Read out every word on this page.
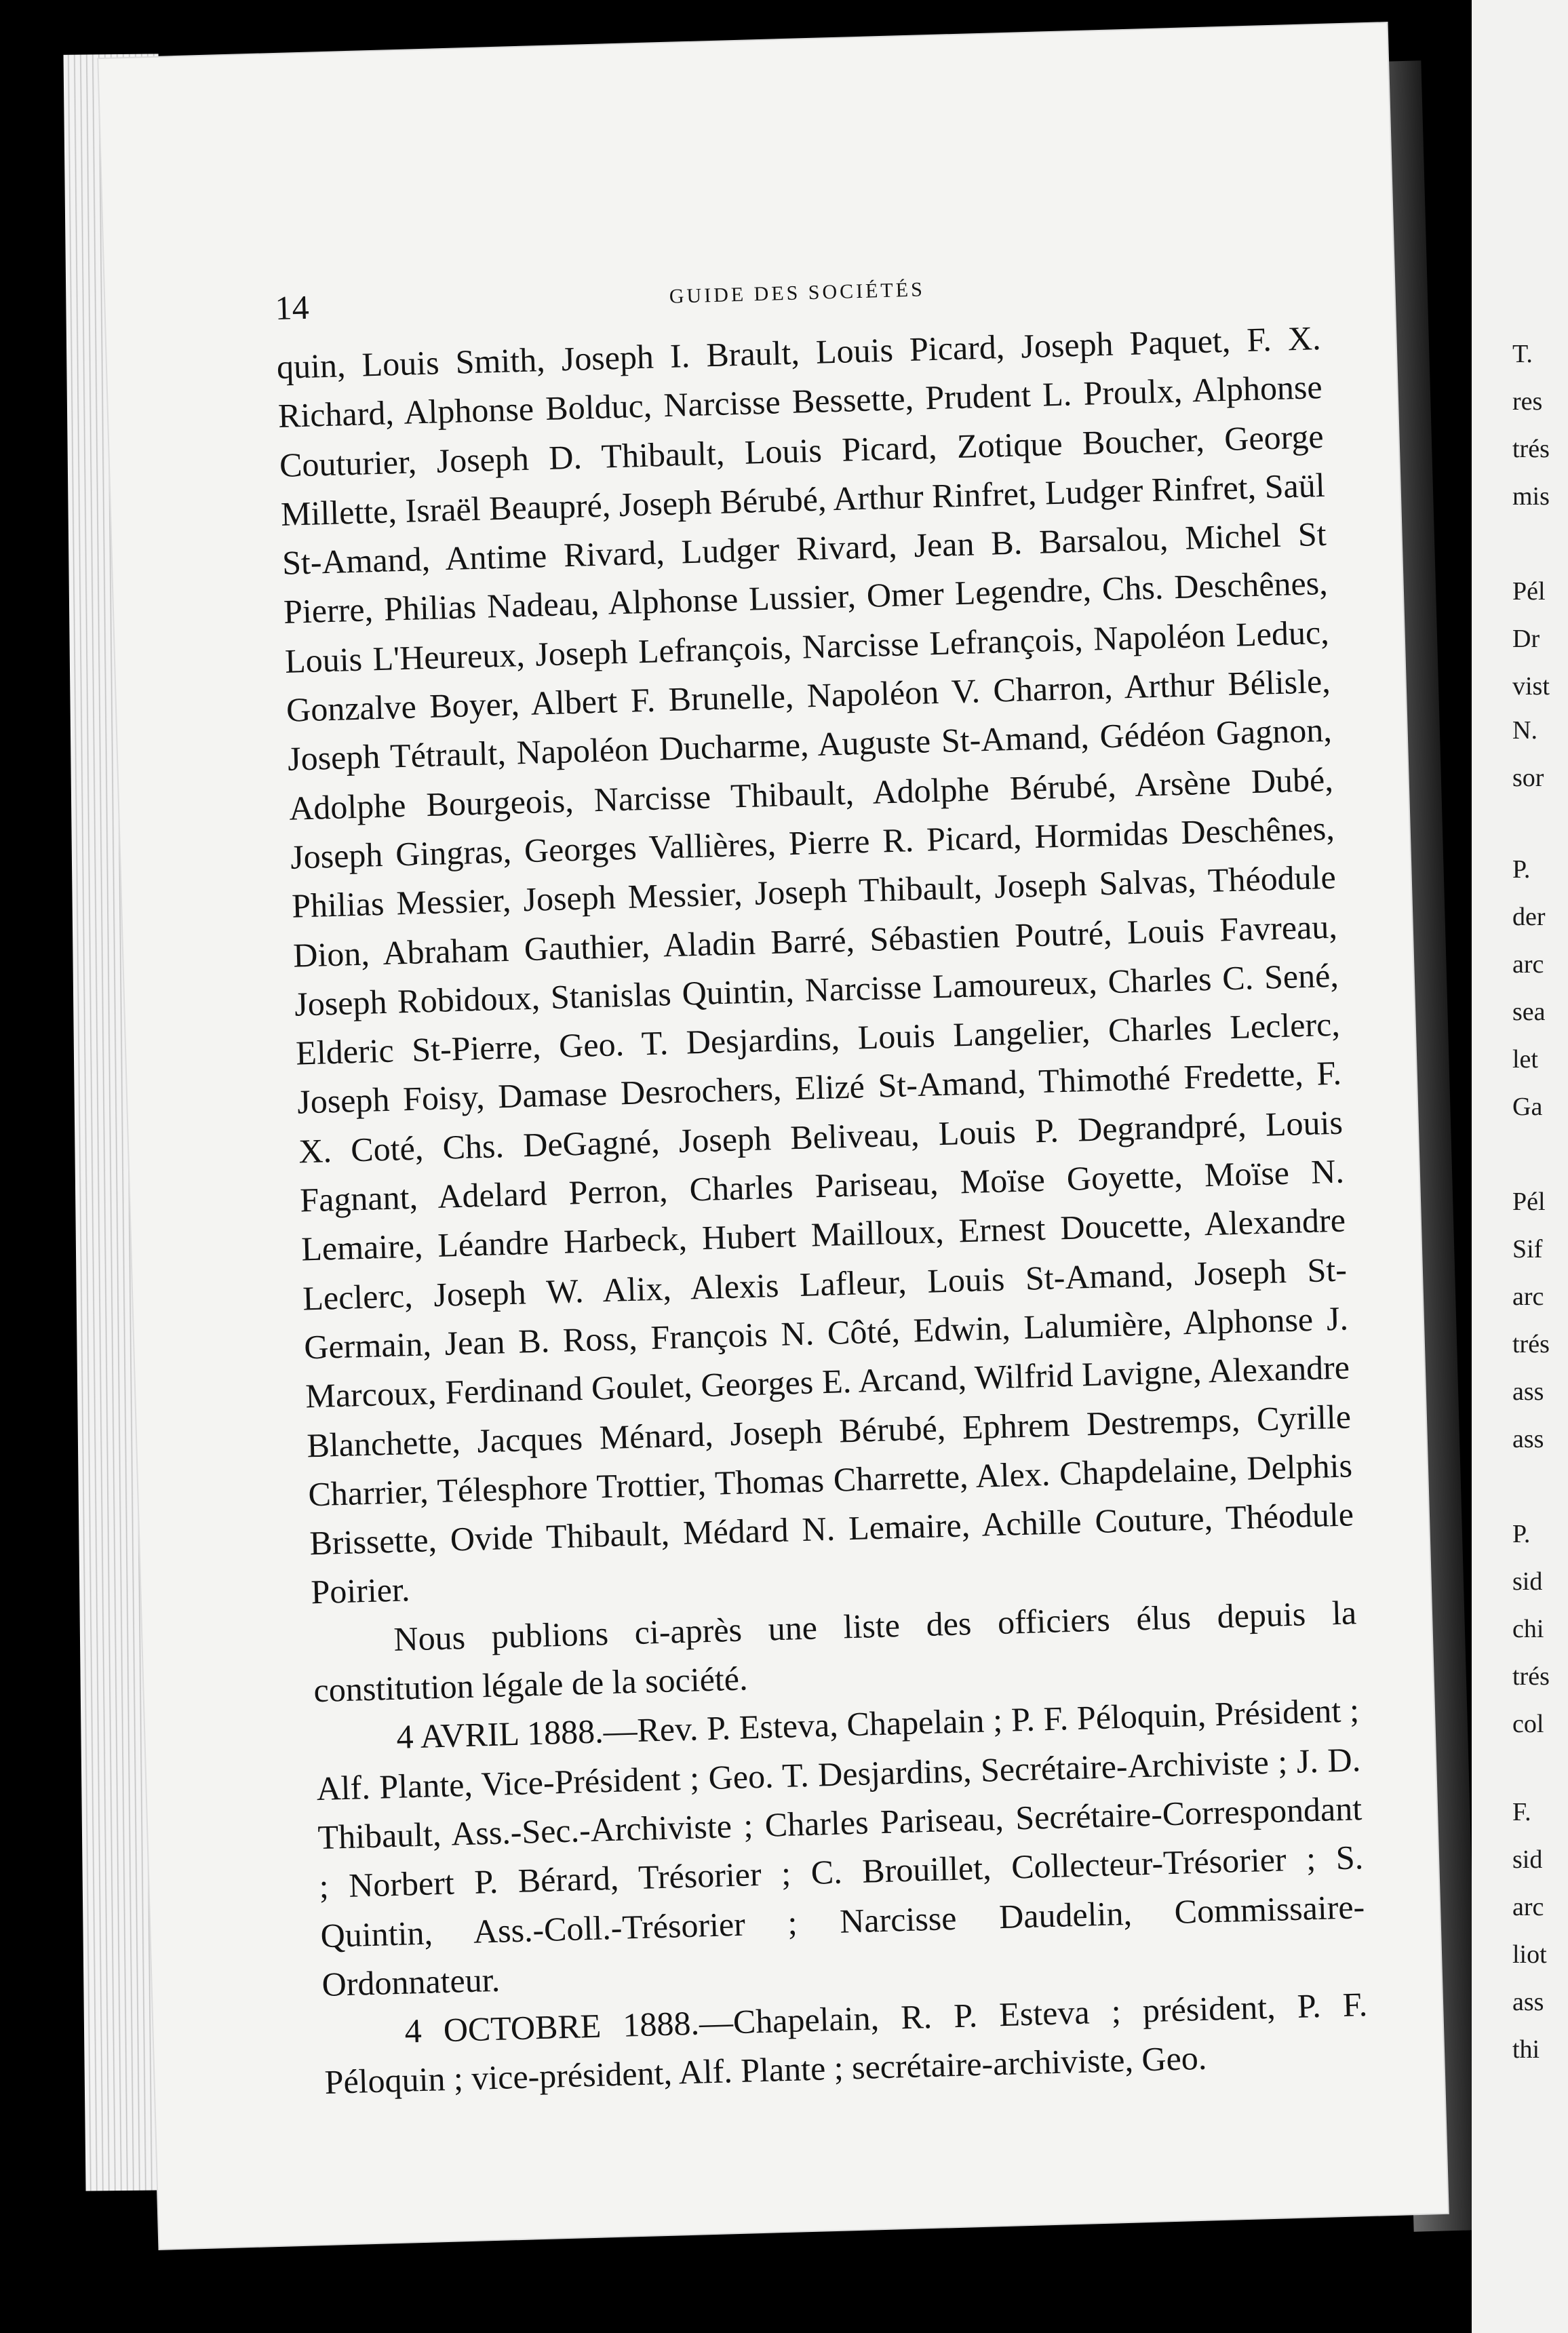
14	GUIDE DES SOCIÉTÉS

quin, Louis Smith, Joseph I. Brault, Louis Picard, Joseph Paquet, F. X. Richard, Alphonse Bolduc, Narcisse Bessette, Prudent L. Proulx, Alphonse Couturier, Joseph D. Thibault, Louis Picard, Zotique Boucher, George Millette, Israël Beaupré, Joseph Bérubé, Arthur Rinfret, Ludger Rinfret, Saül St-Amand, Antime Rivard, Ludger Rivard, Jean B. Barsalou, Michel St Pierre, Philias Nadeau, Alphonse Lussier, Omer Legendre, Chs. Deschênes, Louis L'Heureux, Joseph Lefrançois, Narcisse Lefrançois, Napoléon Leduc, Gonzalve Boyer, Albert F. Brunelle, Napoléon V. Charron, Arthur Bélisle, Joseph Tétrault, Napoléon Ducharme, Auguste St-Amand, Gédéon Gagnon, Adolphe Bourgeois, Narcisse Thibault, Adolphe Bérubé, Arsène Dubé, Joseph Gingras, Georges Vallières, Pierre R. Picard, Hormidas Deschênes, Philias Messier, Joseph Messier, Joseph Thibault, Joseph Salvas, Théodule Dion, Abraham Gauthier, Aladin Barré, Sébastien Poutré, Louis Favreau, Joseph Robidoux, Stanislas Quintin, Narcisse Lamoureux, Charles C. Sené, Elderic St-Pierre, Geo. T. Desjardins, Louis Langelier, Charles Leclerc, Joseph Foisy, Damase Desrochers, Elizé St-Amand, Thimothé Fredette, F. X. Coté, Chs. DeGagné, Joseph Beliveau, Louis P. Degrandpré, Louis Fagnant, Adelard Perron, Charles Pariseau, Moïse Goyette, Moïse N. Lemaire, Léandre Harbeck, Hubert Mailloux, Ernest Doucette, Alexandre Leclerc, Joseph W. Alix, Alexis Lafleur, Louis St-Amand, Joseph St-Germain, Jean B. Ross, François N. Côté, Edwin, Lalumière, Alphonse J. Marcoux, Ferdinand Goulet, Georges E. Arcand, Wilfrid Lavigne, Alexandre Blanchette, Jacques Ménard, Joseph Bérubé, Ephrem Destremps, Cyrille Charrier, Télesphore Trottier, Thomas Charrette, Alex. Chapdelaine, Delphis Brissette, Ovide Thibault, Médard N. Lemaire, Achille Couture, Théodule Poirier.

Nous publions ci-après une liste des officiers élus depuis la constitution légale de la société.

4 AVRIL 1888.—Rev. P. Esteva, Chapelain ; P. F. Péloquin, Président ; Alf. Plante, Vice-Président ; Geo. T. Desjardins, Secrétaire-Archiviste ; J. D. Thibault, Ass.-Sec.-Archiviste ; Charles Pariseau, Secrétaire-Correspondant ; Norbert P. Bérard, Trésorier ; C. Brouillet, Collecteur-Trésorier ; S. Quintin, Ass.-Coll.-Trésorier ; Narcisse Daudelin, Commissaire-Ordonnateur.

4 OCTOBRE 1888.—Chapelain, R. P. Esteva ; président, P. F. Péloquin ; vice-président, Alf. Plante ; secrétaire-archiviste, Geo.

T.
res
trés
mis
Pél
Dr
vist
N.
sor
P.
der
arc
sea
let
Ga
Pél
Sif
arc
trés
ass
ass
P.
sid
chi
trés
col
F.
sid
arc
liot
ass
thi
